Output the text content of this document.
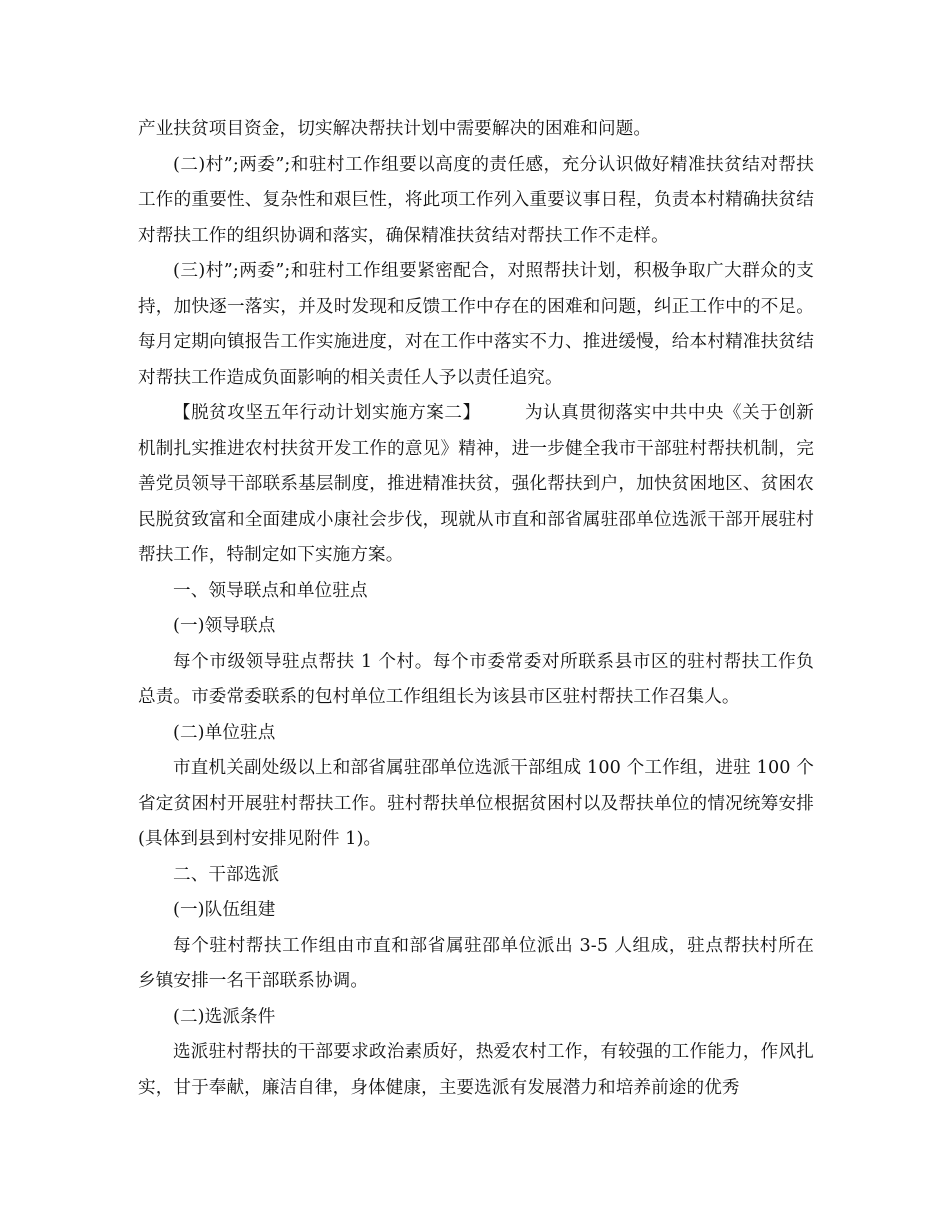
产业扶贫项目资金，切实解决帮扶计划中需要解决的困难和问题。

(二)村”;两委”;和驻村工作组要以高度的责任感，充分认识做好精准扶贫结对帮扶工作的重要性、复杂性和艰巨性，将此项工作列入重要议事日程，负责本村精确扶贫结对帮扶工作的组织协调和落实，确保精准扶贫结对帮扶工作不走样。

(三)村”;两委”;和驻村工作组要紧密配合，对照帮扶计划，积极争取广大群众的支持，加快逐一落实，并及时发现和反馈工作中存在的困难和问题，纠正工作中的不足。每月定期向镇报告工作实施进度，对在工作中落实不力、推进缓慢，给本村精准扶贫结对帮扶工作造成负面影响的相关责任人予以责任追究。

【脱贫攻坚五年行动计划实施方案二】	为认真贯彻落实中共中央《关于创新机制扎实推进农村扶贫开发工作的意见》精神，进一步健全我市干部驻村帮扶机制，完善党员领导干部联系基层制度，推进精准扶贫，强化帮扶到户，加快贫困地区、贫困农民脱贫致富和全面建成小康社会步伐，现就从市直和部省属驻邵单位选派干部开展驻村帮扶工作，特制定如下实施方案。

一、领导联点和单位驻点

(一)领导联点

每个市级领导驻点帮扶 1 个村。每个市委常委对所联系县市区的驻村帮扶工作负总责。市委常委联系的包村单位工作组组长为该县市区驻村帮扶工作召集人。

(二)单位驻点

市直机关副处级以上和部省属驻邵单位选派干部组成 100 个工作组，进驻 100 个省定贫困村开展驻村帮扶工作。驻村帮扶单位根据贫困村以及帮扶单位的情况统筹安排(具体到县到村安排见附件 1)。

二、干部选派

(一)队伍组建

每个驻村帮扶工作组由市直和部省属驻邵单位派出 3-5 人组成，驻点帮扶村所在乡镇安排一名干部联系协调。

(二)选派条件

选派驻村帮扶的干部要求政治素质好，热爱农村工作，有较强的工作能力，作风扎实，甘于奉献，廉洁自律，身体健康，主要选派有发展潜力和培养前途的优秀
